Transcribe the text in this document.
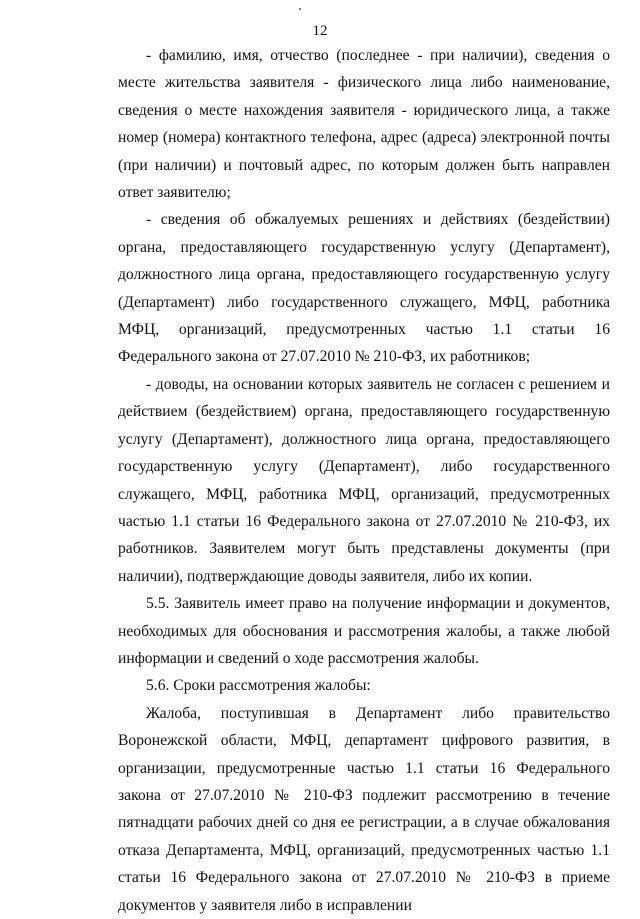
12

- фамилию, имя, отчество (последнее - при наличии), сведения о месте жительства заявителя - физического лица либо наименование, сведения о месте нахождения заявителя - юридического лица, а также номер (номера) контактного телефона, адрес (адреса) электронной почты (при наличии) и почтовый адрес, по которым должен быть направлен ответ заявителю;

- сведения об обжалуемых решениях и действиях (бездействии) органа, предоставляющего государственную услугу (Департамент), должностного лица органа, предоставляющего государственную услугу (Департамент) либо государственного служащего, МФЦ, работника МФЦ, организаций, предусмотренных частью 1.1 статьи 16 Федерального закона от 27.07.2010 № 210-ФЗ, их работников;

- доводы, на основании которых заявитель не согласен с решением и действием (бездействием) органа, предоставляющего государственную услугу (Департамент), должностного лица органа, предоставляющего государственную услугу (Департамент), либо государственного служащего, МФЦ, работника МФЦ, организаций, предусмотренных частью 1.1 статьи 16 Федерального закона от 27.07.2010 № 210-ФЗ, их работников. Заявителем могут быть представлены документы (при наличии), подтверждающие доводы заявителя, либо их копии.

5.5. Заявитель имеет право на получение информации и документов, необходимых для обоснования и рассмотрения жалобы, а также любой информации и сведений о ходе рассмотрения жалобы.

5.6. Сроки рассмотрения жалобы:

Жалоба, поступившая в Департамент либо правительство Воронежской области, МФЦ, департамент цифрового развития, в организации, предусмотренные частью 1.1 статьи 16 Федерального закона от 27.07.2010 № 210-ФЗ подлежит рассмотрению в течение пятнадцати рабочих дней со дня ее регистрации, а в случае обжалования отказа Департамента, МФЦ, организаций, предусмотренных частью 1.1 статьи 16 Федерального закона от 27.07.2010 № 210-ФЗ в приеме документов у заявителя либо в исправлении
